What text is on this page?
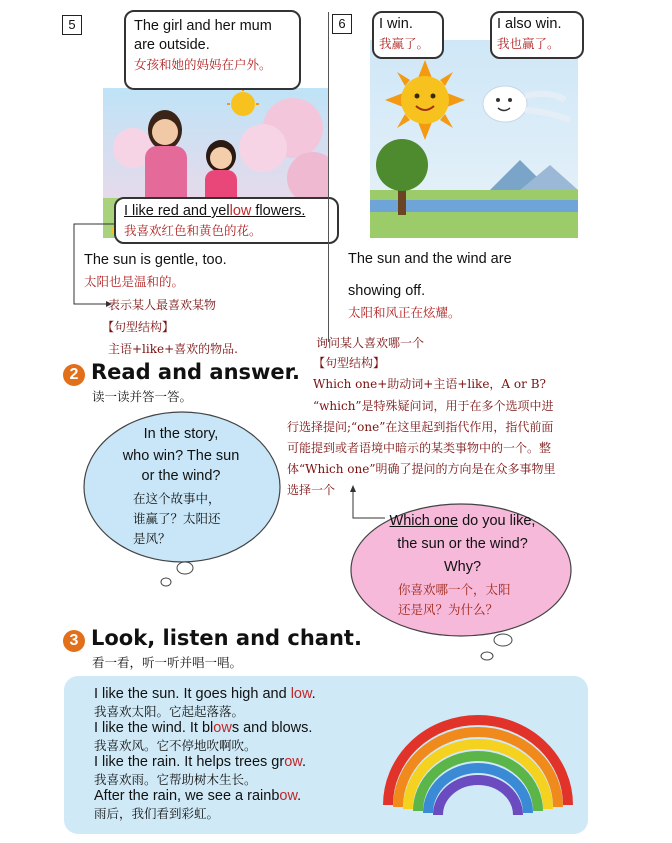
5	The girl and her mum
are outside.
女孩和她的妈妈在户外。
I like red and yellow flowers.
我喜欢红色和黄色的花。
The sun is gentle, too.
太阳也是温和的。
表示某人最喜欢某物
【句型结构】
主语+like+喜欢的物品.
6	I win.
我赢了。
I also win.
我也赢了。
The sun and the wind are
showing off.
太阳和风正在炫耀。
询问某人喜欢哪一个
【句型结构】
Which one+助动词+主语+like，A or B?
“which”是特殊疑问词，用于在多个选项中进
行选择提问;“one”在这里起到指代作用，指代前面
可能提到或者语境中暗示的某类事物中的一个。整
体“Which one”明确了提问的方向是在众多事物里
选择一个
2 Read and answer.
读一读并答一答。
In the story,
who win? The sun
or the wind?
在这个故事中，
谁赢了？太阳还
是风？
Which one do you like,
the sun or the wind?
Why?
你喜欢哪一个，太阳
还是风？为什么？
3 Look, listen and chant.
看一看，听一听并唱一唱。
I like the sun. It goes high and low.
我喜欢太阳。它起起落落。
I like the wind. It blows and blows.
我喜欢风。它不停地吹啊吹。
I like the rain. It helps trees grow.
我喜欢雨。它帮助树木生长。
After the rain, we see a rainbow.
雨后，我们看到彩虹。
